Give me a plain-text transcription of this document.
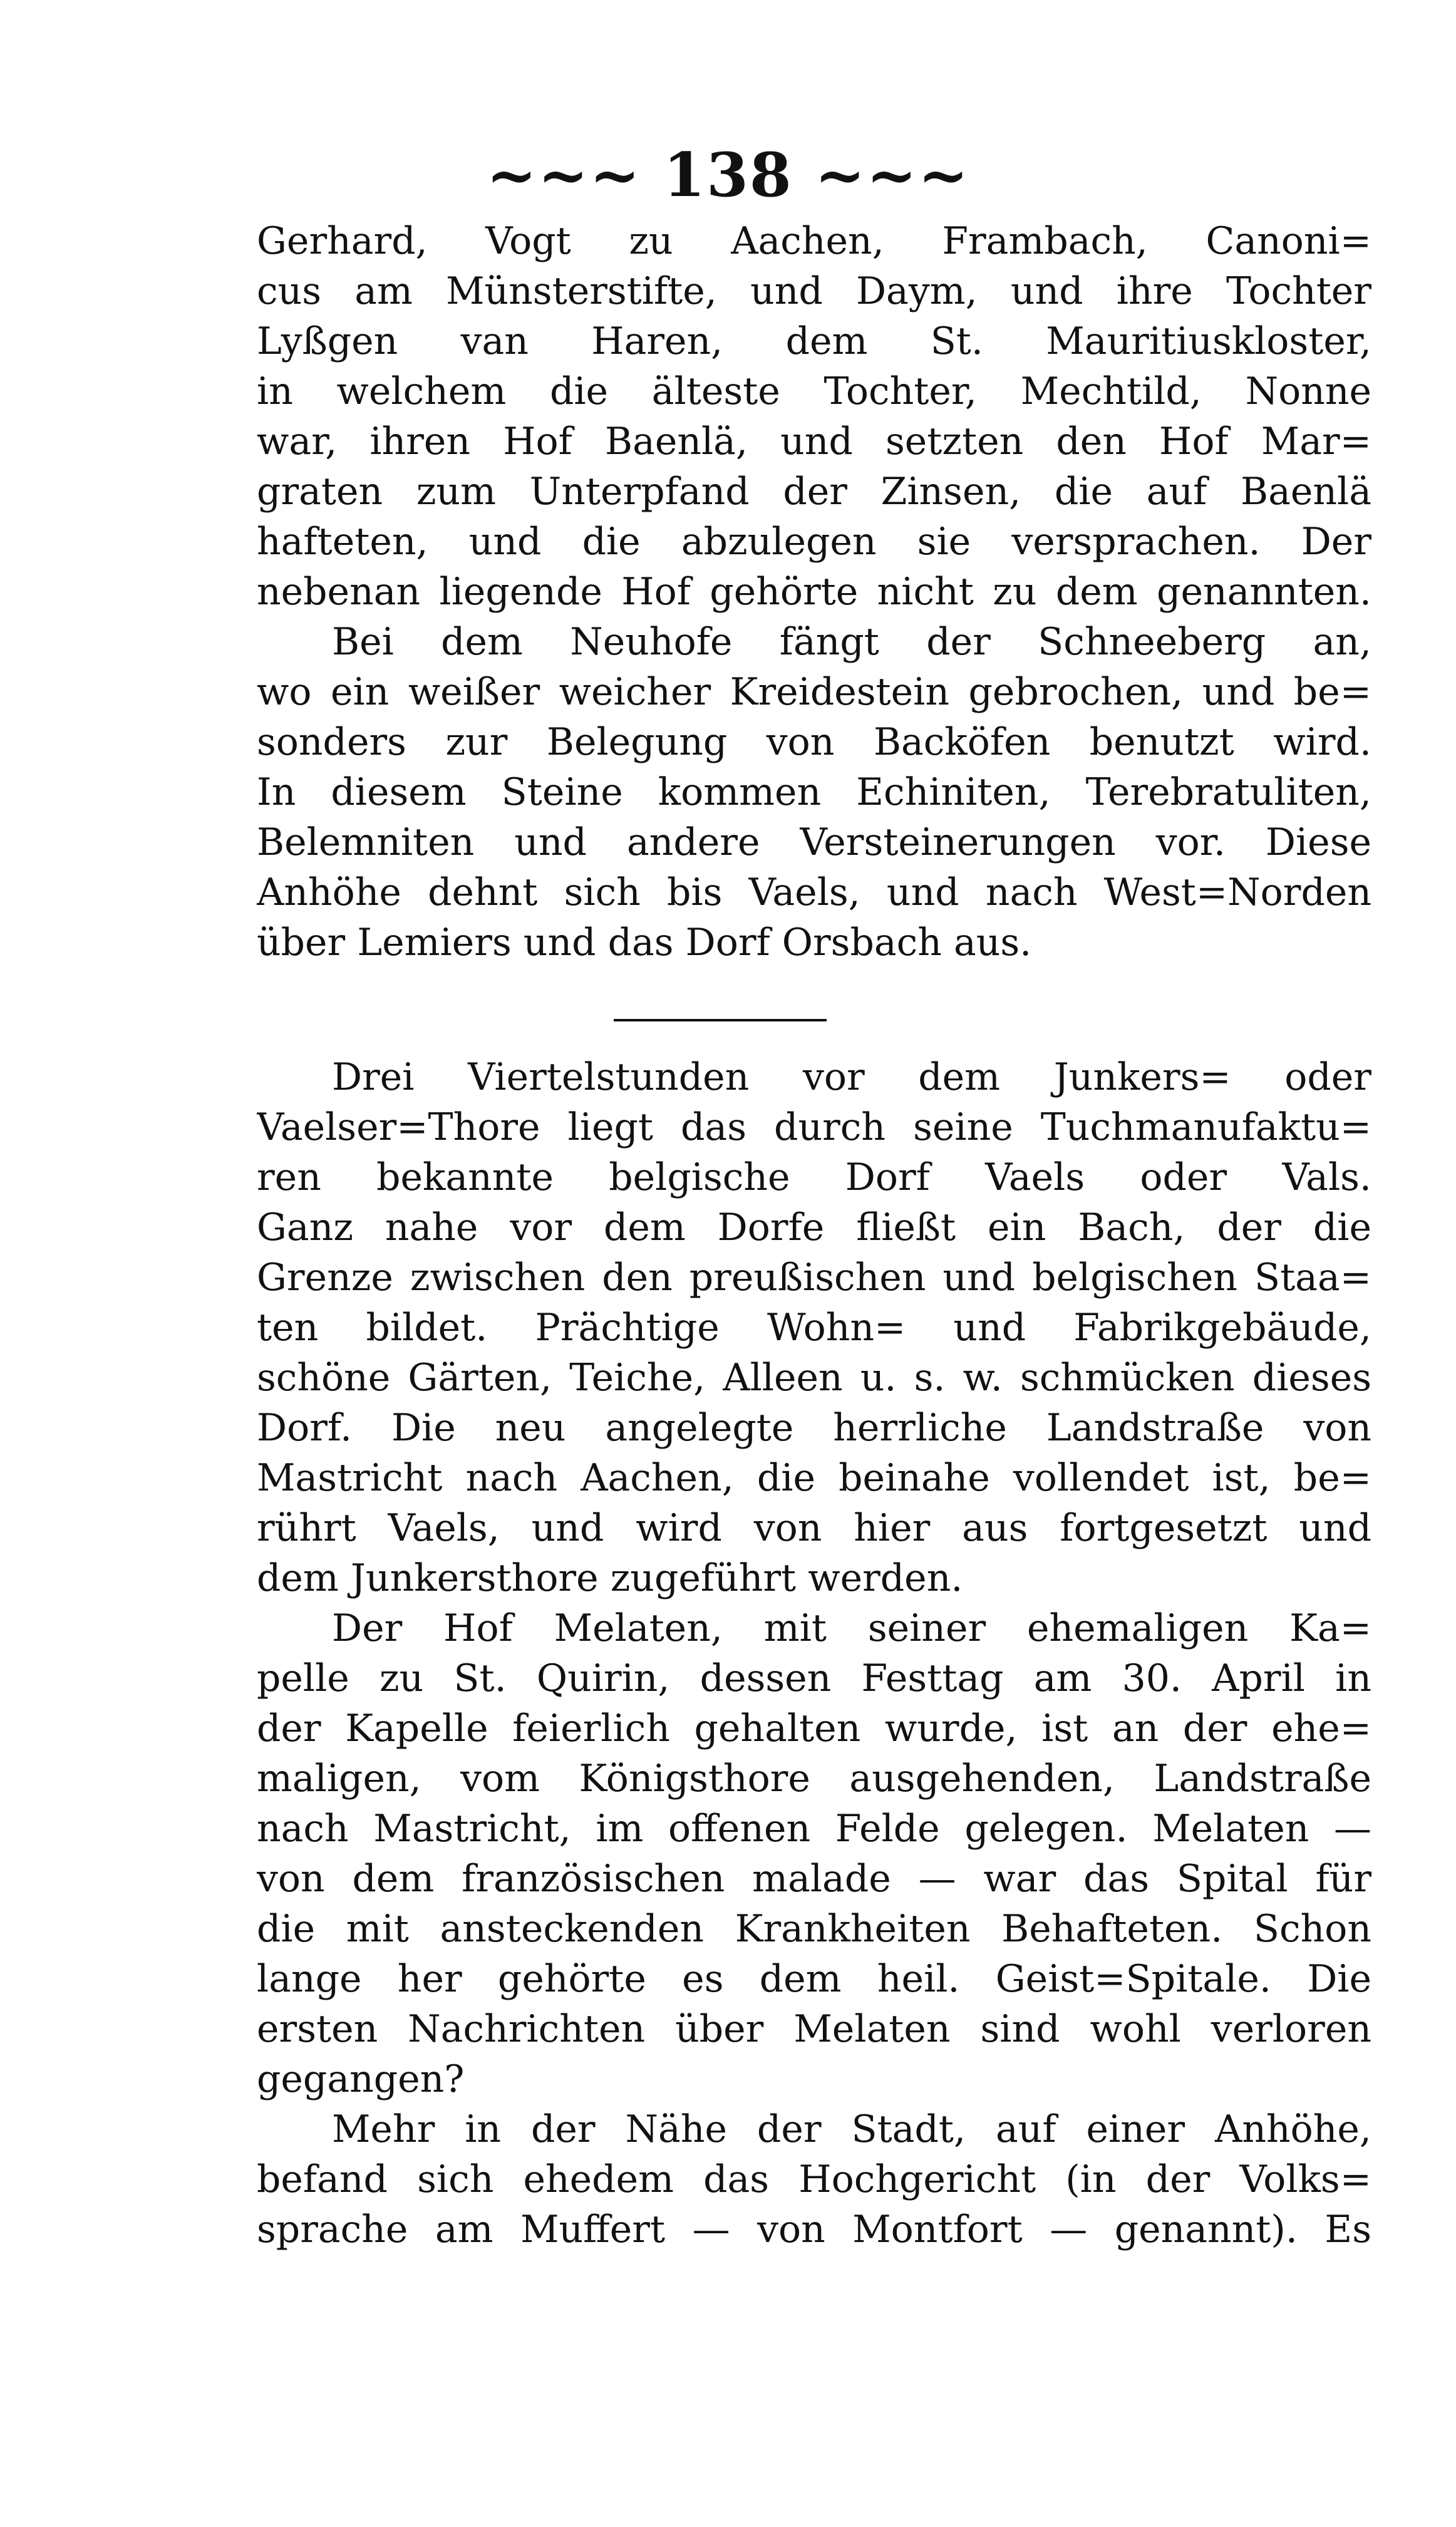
~~~ 138 ~~~
Gerhard, Vogt zu Aachen, Frambach, Canoni=
cus am Münsterstifte, und Daym, und ihre Tochter
Lyßgen van Haren, dem St. Mauritiuskloster,
in welchem die älteste Tochter, Mechtild, Nonne
war, ihren Hof Baenlä, und setzten den Hof Mar=
graten zum Unterpfand der Zinsen, die auf Baenlä
hafteten, und die abzulegen sie versprachen. Der
nebenan liegende Hof gehörte nicht zu dem genannten.
Bei dem Neuhofe fängt der Schneeberg an,
wo ein weißer weicher Kreidestein gebrochen, und be=
sonders zur Belegung von Backöfen benutzt wird.
In diesem Steine kommen Echiniten, Terebratuliten,
Belemniten und andere Versteinerungen vor. Diese
Anhöhe dehnt sich bis Vaels, und nach West=Norden
über Lemiers und das Dorf Orsbach aus.
Drei Viertelstunden vor dem Junkers= oder
Vaelser=Thore liegt das durch seine Tuchmanufaktu=
ren bekannte belgische Dorf Vaels oder Vals.
Ganz nahe vor dem Dorfe fließt ein Bach, der die
Grenze zwischen den preußischen und belgischen Staa=
ten bildet. Prächtige Wohn= und Fabrikgebäude,
schöne Gärten, Teiche, Alleen u. s. w. schmücken dieses
Dorf. Die neu angelegte herrliche Landstraße von
Mastricht nach Aachen, die beinahe vollendet ist, be=
rührt Vaels, und wird von hier aus fortgesetzt und
dem Junkersthore zugeführt werden.
Der Hof Melaten, mit seiner ehemaligen Ka=
pelle zu St. Quirin, dessen Festtag am 30. April in
der Kapelle feierlich gehalten wurde, ist an der ehe=
maligen, vom Königsthore ausgehenden, Landstraße
nach Mastricht, im offenen Felde gelegen. Melaten —
von dem französischen malade — war das Spital für
die mit ansteckenden Krankheiten Behafteten. Schon
lange her gehörte es dem heil. Geist=Spitale. Die
ersten Nachrichten über Melaten sind wohl verloren
gegangen?
Mehr in der Nähe der Stadt, auf einer Anhöhe,
befand sich ehedem das Hochgericht (in der Volks=
sprache am Muffert — von Montfort — genannt). Es
